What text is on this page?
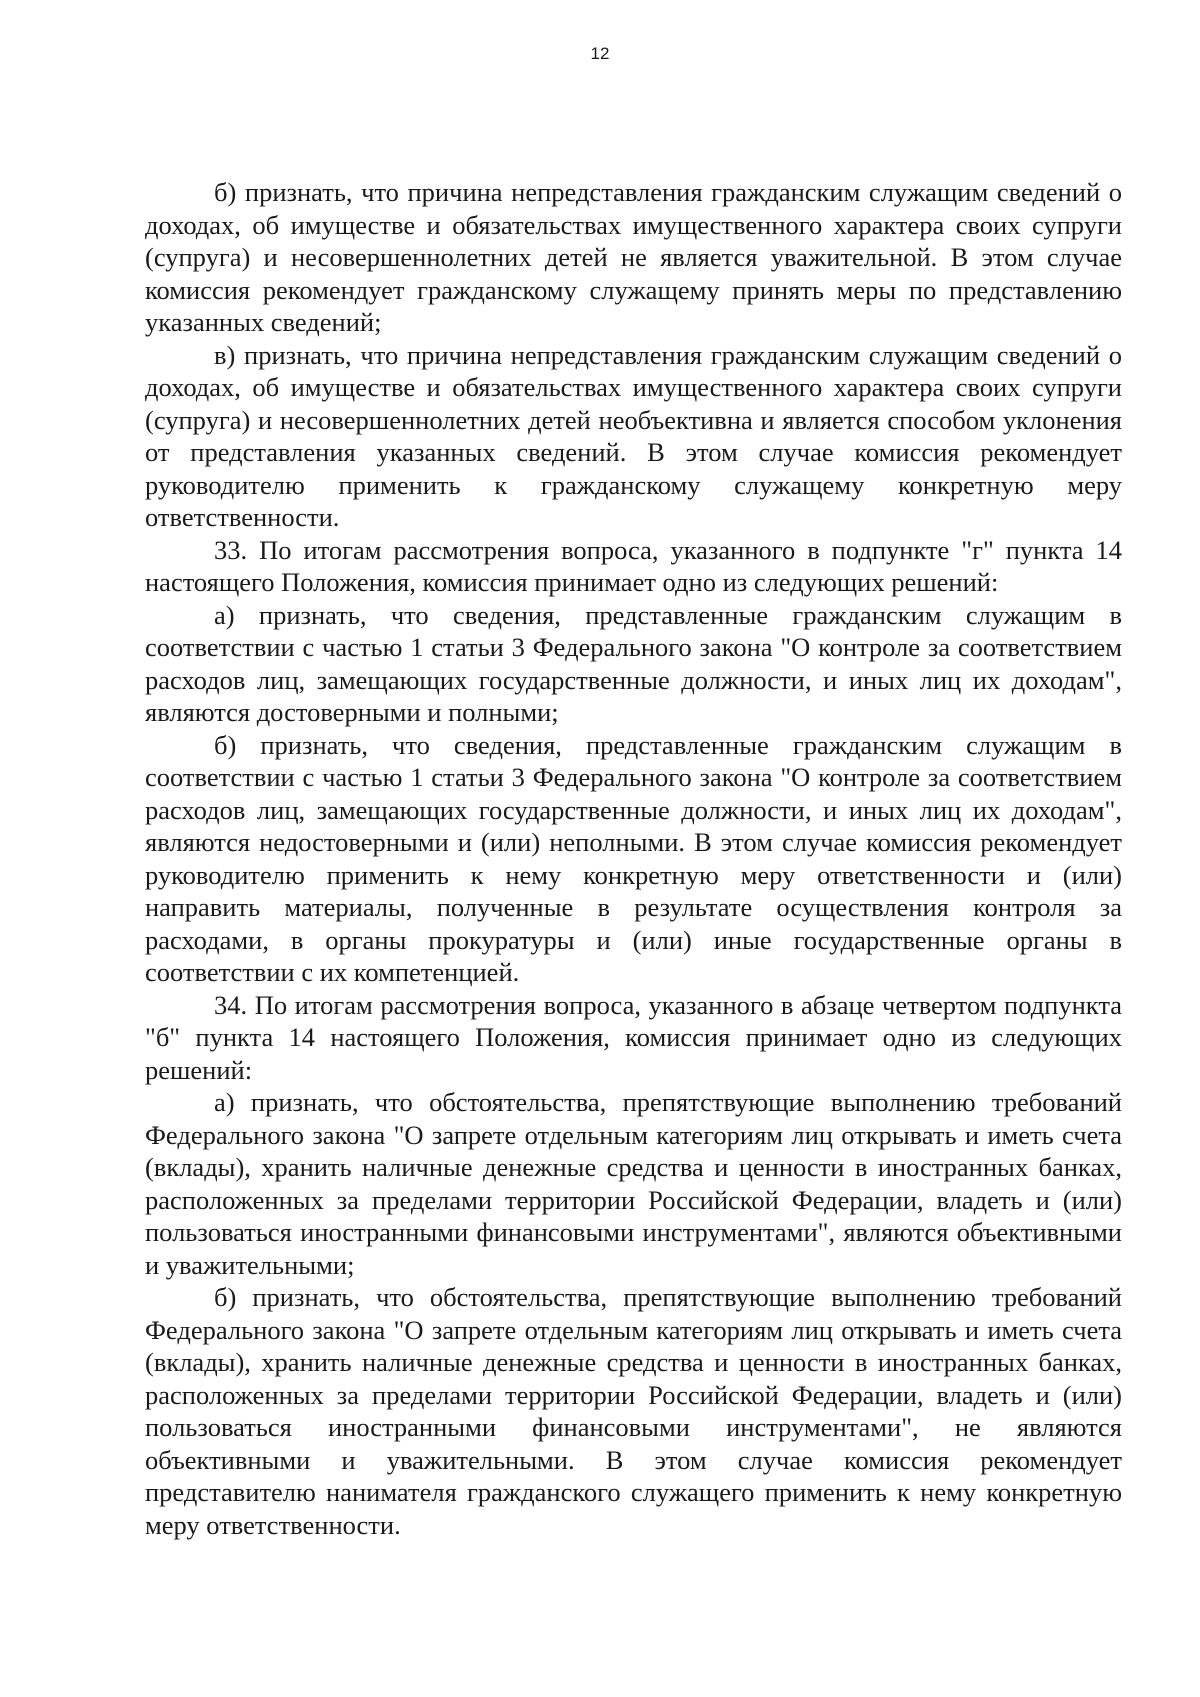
12

б) признать, что причина непредставления гражданским служащим сведений о доходах, об имуществе и обязательствах имущественного характера своих супруги (супруга) и несовершеннолетних детей не является уважительной. В этом случае комиссия рекомендует гражданскому служащему принять меры по представлению указанных сведений;

в) признать, что причина непредставления гражданским служащим сведений о доходах, об имуществе и обязательствах имущественного характера своих супруги (супруга) и несовершеннолетних детей необъективна и является способом уклонения от представления указанных сведений. В этом случае комиссия рекомендует руководителю применить к гражданскому служащему конкретную меру ответственности.

33. По итогам рассмотрения вопроса, указанного в подпункте "г" пункта 14 настоящего Положения, комиссия принимает одно из следующих решений:

а) признать, что сведения, представленные гражданским служащим в соответствии с частью 1 статьи 3 Федерального закона "О контроле за соответствием расходов лиц, замещающих государственные должности, и иных лиц их доходам", являются достоверными и полными;

б) признать, что сведения, представленные гражданским служащим в соответствии с частью 1 статьи 3 Федерального закона "О контроле за соответствием расходов лиц, замещающих государственные должности, и иных лиц их доходам", являются недостоверными и (или) неполными. В этом случае комиссия рекомендует руководителю применить к нему конкретную меру ответственности и (или) направить материалы, полученные в результате осуществления контроля за расходами, в органы прокуратуры и (или) иные государственные органы в соответствии с их компетенцией.

34. По итогам рассмотрения вопроса, указанного в абзаце четвертом подпункта "б" пункта 14 настоящего Положения, комиссия принимает одно из следующих решений:

а) признать, что обстоятельства, препятствующие выполнению требований Федерального закона "О запрете отдельным категориям лиц открывать и иметь счета (вклады), хранить наличные денежные средства и ценности в иностранных банках, расположенных за пределами территории Российской Федерации, владеть и (или) пользоваться иностранными финансовыми инструментами", являются объективными и уважительными;

б) признать, что обстоятельства, препятствующие выполнению требований Федерального закона "О запрете отдельным категориям лиц открывать и иметь счета (вклады), хранить наличные денежные средства и ценности в иностранных банках, расположенных за пределами территории Российской Федерации, владеть и (или) пользоваться иностранными финансовыми инструментами", не являются объективными и уважительными. В этом случае комиссия рекомендует представителю нанимателя гражданского служащего применить к нему конкретную меру ответственности.
